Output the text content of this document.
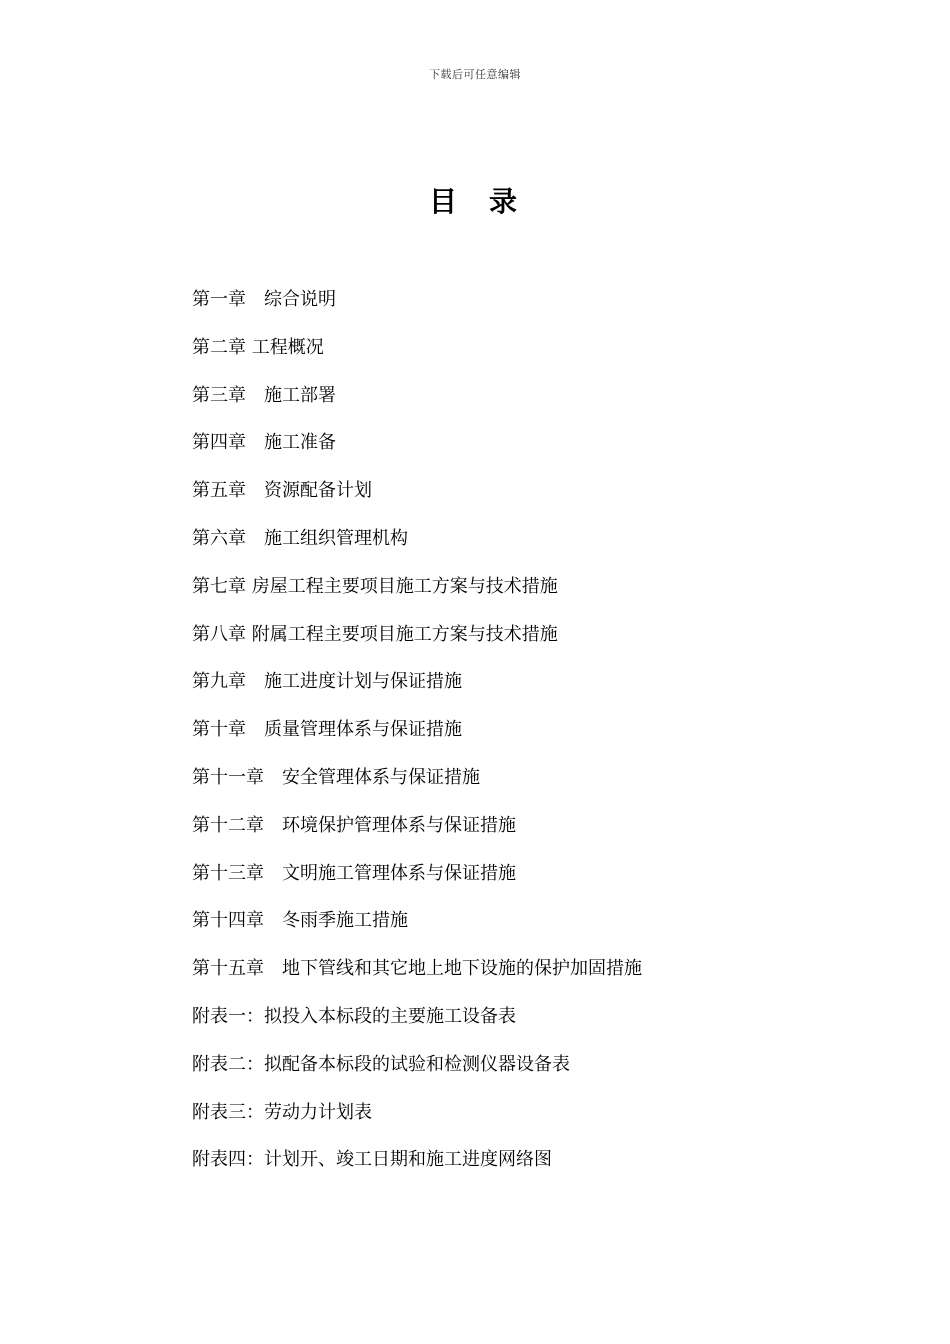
下载后可任意编辑
目 录
第一章　综合说明
第二章 工程概况
第三章　施工部署
第四章　施工准备
第五章　资源配备计划
第六章　施工组织管理机构
第七章 房屋工程主要项目施工方案与技术措施
第八章 附属工程主要项目施工方案与技术措施
第九章　施工进度计划与保证措施
第十章　质量管理体系与保证措施
第十一章　安全管理体系与保证措施
第十二章　环境保护管理体系与保证措施
第十三章　文明施工管理体系与保证措施
第十四章　冬雨季施工措施
第十五章　地下管线和其它地上地下设施的保护加固措施
附表一：拟投入本标段的主要施工设备表
附表二：拟配备本标段的试验和检测仪器设备表
附表三：劳动力计划表
附表四：计划开、竣工日期和施工进度网络图
